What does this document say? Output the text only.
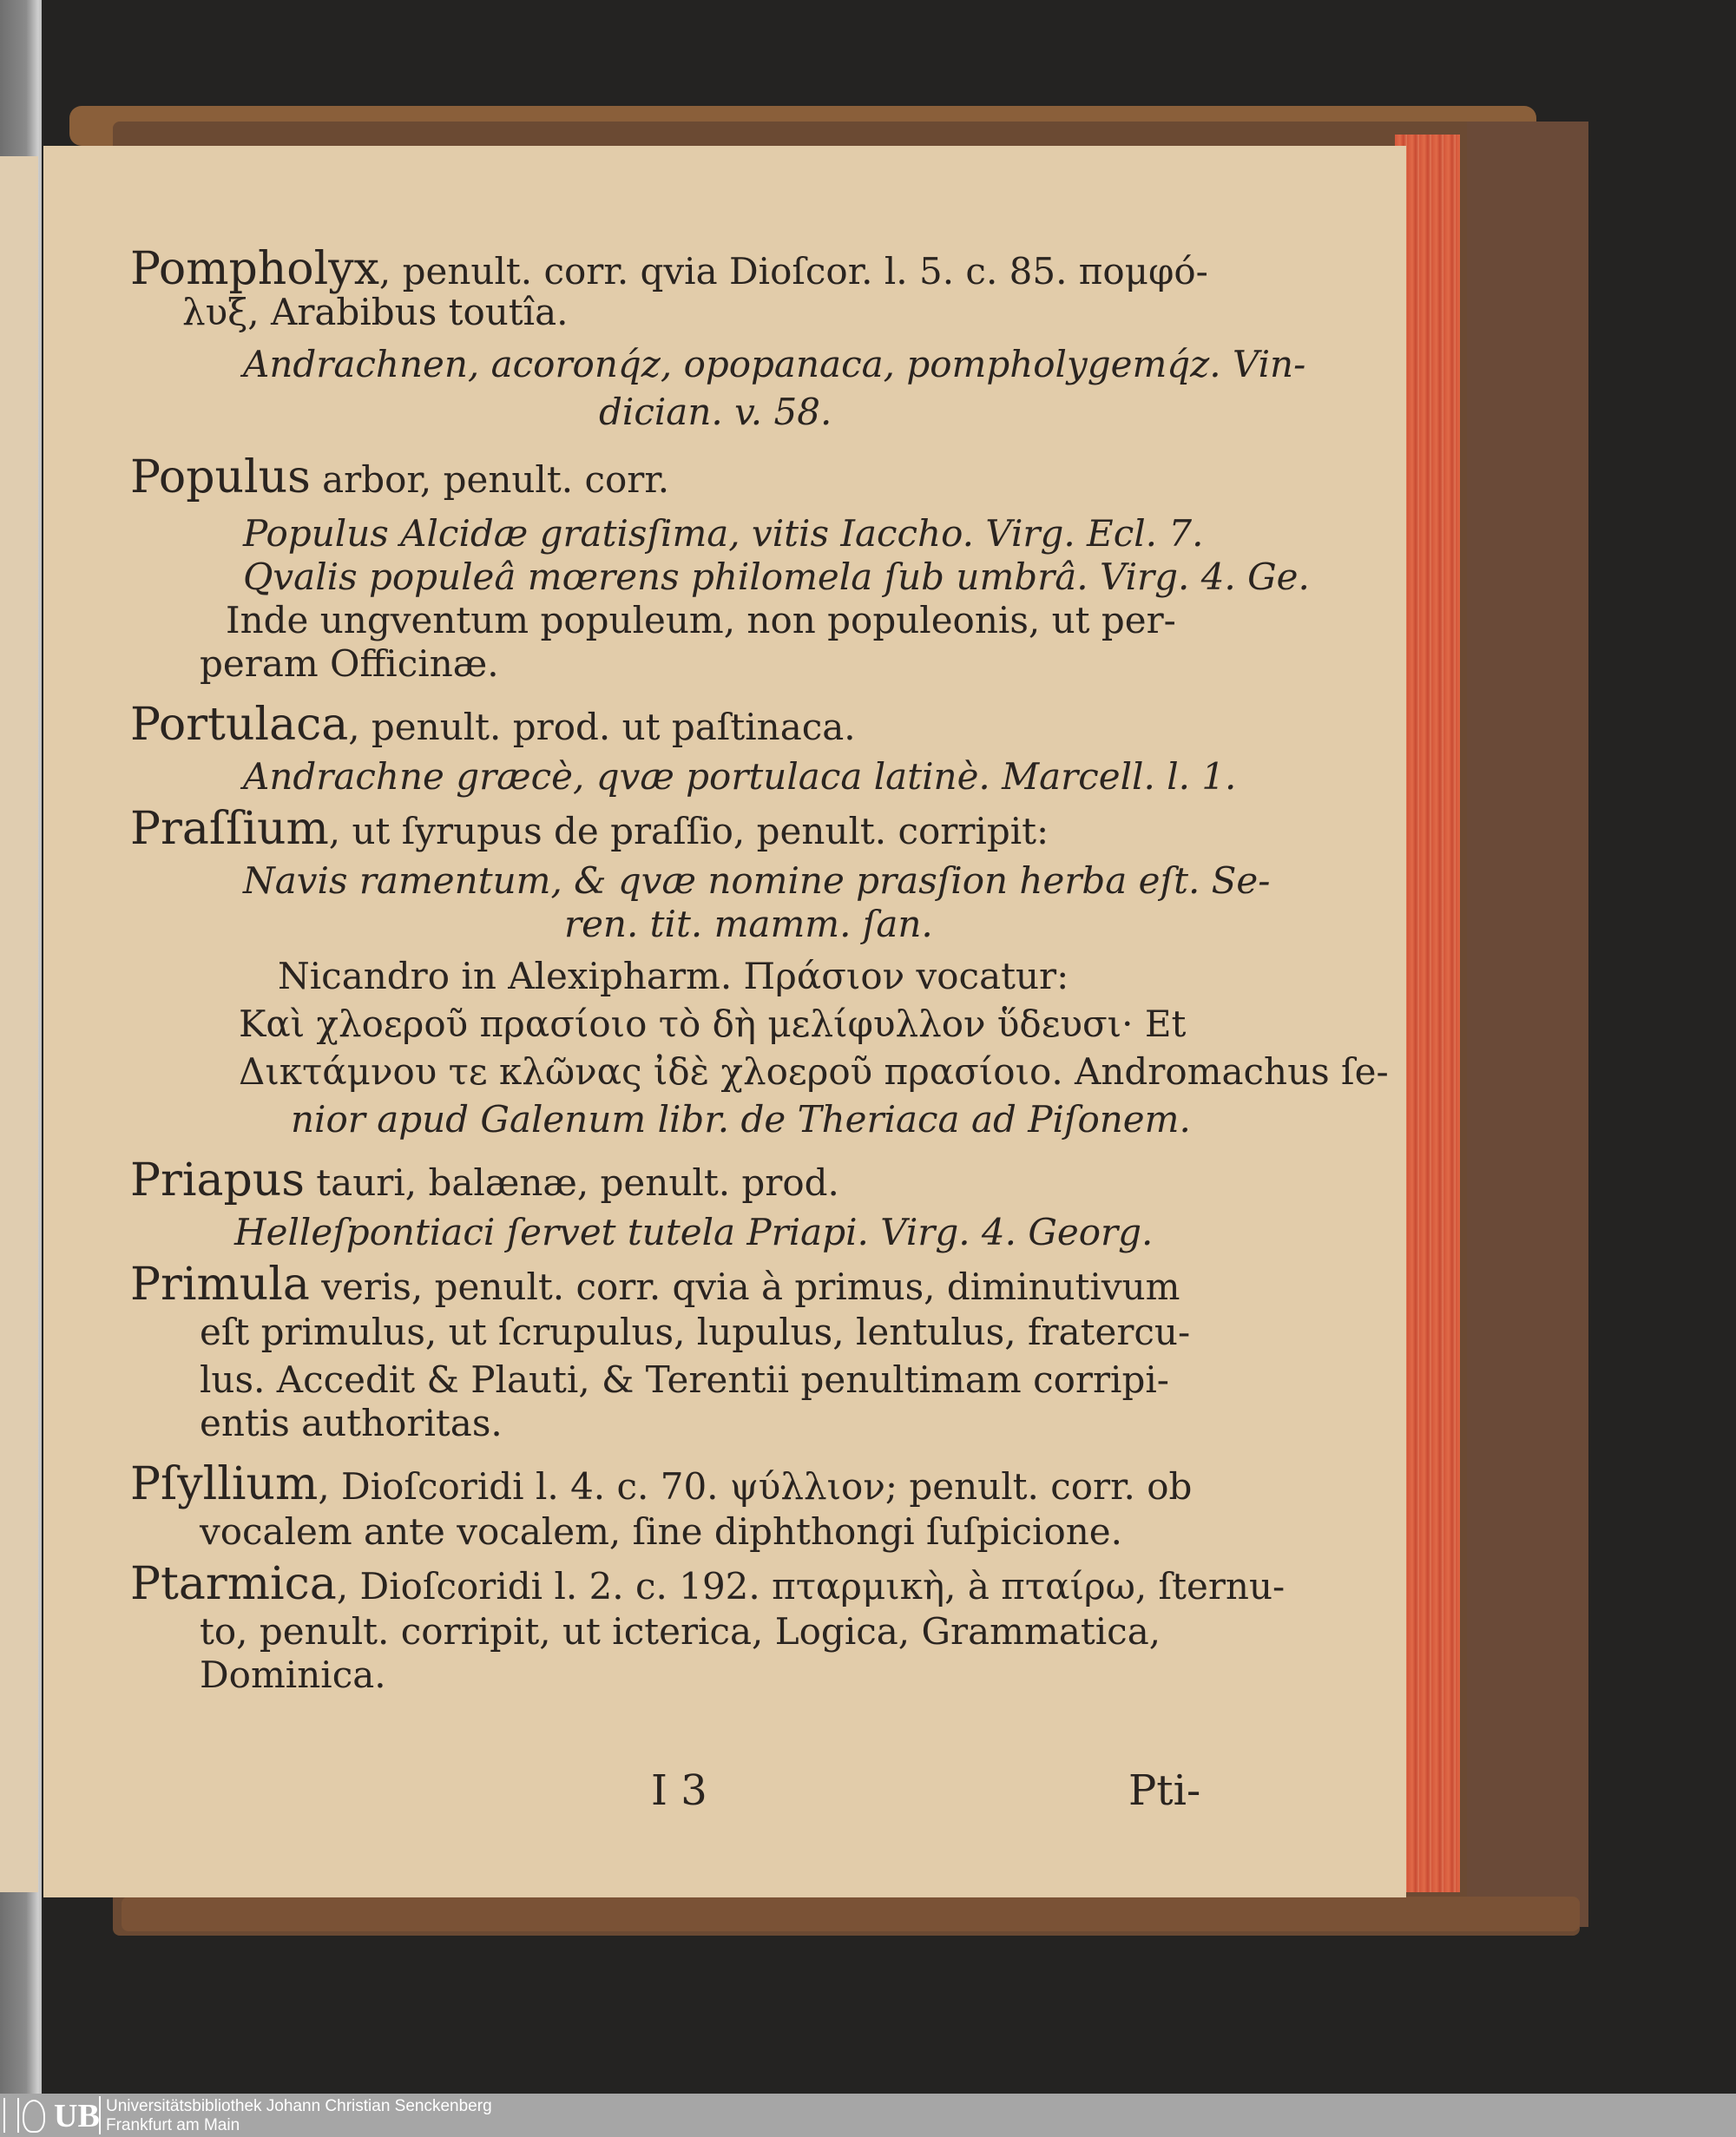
Pompholyx, penult. corr. qvia Dioſcor. l. 5. c. 85. πομφό-
λυξ, Arabibus toutîa.
Andrachnen, acoronq́z, opopanaca, pompholygemq́z. Vin-
dician. v. 58.
Populus arbor, penult. corr.
Populus Alcidæ gratisſima, vitis Iaccho. Virg. Ecl. 7.
Qvalis populeâ mœrens philomela ſub umbrâ. Virg. 4. Ge.
Inde ungventum populeum, non populeonis, ut per-
peram Officinæ.
Portulaca, penult. prod. ut paſtinaca.
Andrachne græcè, qvæ portulaca latinè. Marcell. l. 1.
Praſſium, ut ſyrupus de praſſio, penult. corripit:
Navis ramentum, & qvæ nomine prasſion herba eſt. Se-
ren. tit. mamm. ſan.
Nicandro in Alexipharm. Πράσιον vocatur:
Καὶ χλοεροῦ πρασίοιο τὸ δὴ μελίφυλλον ὕδευσι· Et
Δικτάμνου τε κλῶνας ἰδὲ χλοεροῦ πρασίοιο. Andromachus ſe-
nior apud Galenum libr. de Theriaca ad Piſonem.
Priapus tauri, balænæ, penult. prod.
Helleſpontiaci ſervet tutela Priapi. Virg. 4. Georg.
Primula veris, penult. corr. qvia à primus, diminutivum
eſt primulus, ut ſcrupulus, lupulus, lentulus, fratercu-
lus. Accedit & Plauti, & Terentii penultimam corripi-
entis authoritas.
Pſyllium, Dioſcoridi l. 4. c. 70. ψύλλιον; penult. corr. ob
vocalem ante vocalem, ſine diphthongi ſuſpicione.
Ptarmica, Dioſcoridi l. 2. c. 192. πταρμικὴ, à πταίρω, ſternu-
to, penult. corripit, ut icterica, Logica, Grammatica,
Dominica.
I 3	Pti-
UB Universitätsbibliothek Johann Christian Senckenberg
Frankfurt am Main
